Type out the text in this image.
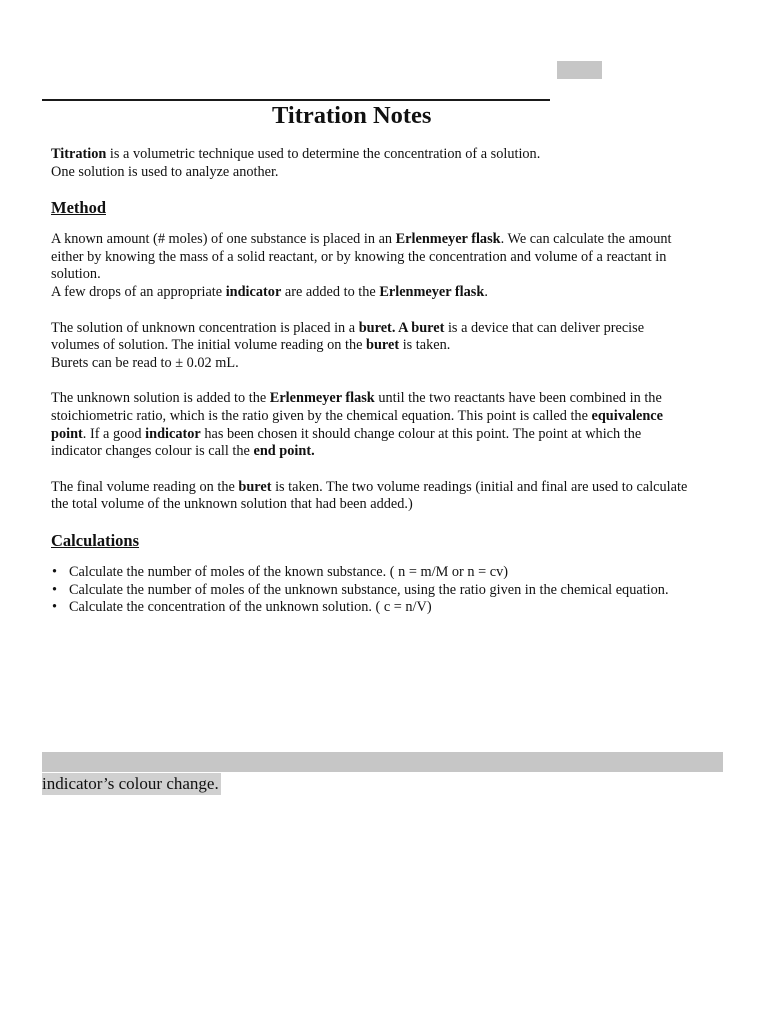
Titration Notes

Titration is a volumetric technique used to determine the concentration of a solution.
One solution is used to analyze another.

Method

A known amount (# moles) of one substance is placed in an Erlenmeyer flask. We can calculate the amount either by knowing the mass of a solid reactant, or by knowing the concentration and volume of a reactant in solution.
A few drops of an appropriate indicator are added to the Erlenmeyer flask.

The solution of unknown concentration is placed in a buret. A buret is a device that can deliver precise volumes of solution. The initial volume reading on the buret is taken.
Burets can be read to ± 0.02 mL.

The unknown solution is added to the Erlenmeyer flask until the two reactants have been combined in the stoichiometric ratio, which is the ratio given by the chemical equation. This point is called the equivalence point. If a good indicator has been chosen it should change colour at this point. The point at which the indicator changes colour is call the end point.

The final volume reading on the buret is taken. The two volume readings (initial and final are used to calculate the total volume of the unknown solution that had been added.)

Calculations

• Calculate the number of moles of the known substance. ( n = m/M or n = cv)
• Calculate the number of moles of the unknown substance, using the ratio given in the chemical equation.
• Calculate the concentration of the unknown solution. ( c = n/V)
indicator’s colour change.
